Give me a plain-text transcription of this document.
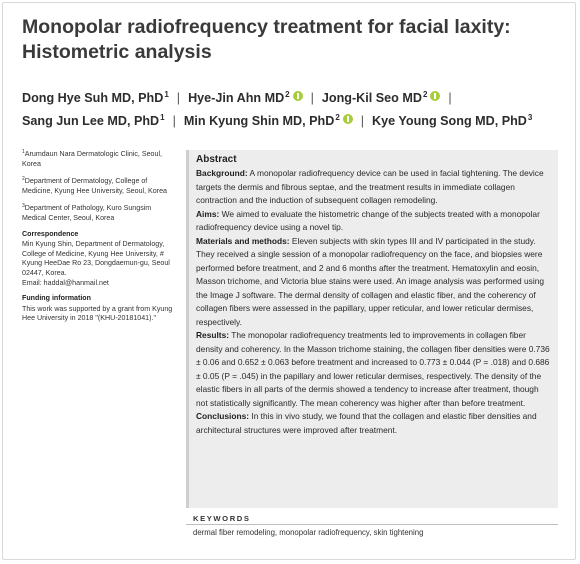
Monopolar radiofrequency treatment for facial laxity:
Histometric analysis
Dong Hye Suh MD, PhD$^1$ | Hye-Jin Ahn $MD^2$ | Jong-Kil Seo $MD^2$ |
Sang Jun Lee MD, PhD$^1$ | Min Kyung Shin MD, PhD$^2$ | Kye Young Song MD, PhD$^3$

$^1$Arumdaun Nara Dermatologic Clinic, Seoul, Korea

$^2$Department of Dermatology, College of Medicine, Kyung Hee University, Seoul, Korea

$^3$Department of Pathology, Kuro Sungsim Medical Center, Seoul, Korea

Correspondence
Min Kyung Shin, Department of Dermatology, College of Medicine, Kyung Hee University, # Kyung HeeDae Ro 23, Dongdaemun-gu, Seoul 02447, Korea.
Email: haddal@hanmail.net

Funding information
This work was supported by a grant from Kyung Hee University in 2018 "(KHU-20181041)."

Abstract

Background: A monopolar radiofrequency device can be used in facial tightening. The device targets the dermis and fibrous septae, and the treatment results in immediate collagen contraction and the induction of subsequent collagen remodeling.

Aims: We aimed to evaluate the histometric change of the subjects treated with a monopolar radiofrequency device using a novel tip.

Materials and methods: Eleven subjects with skin types III and IV participated in the study. They received a single session of a monopolar radiofrequency on the face, and biopsies were performed before treatment, and 2 and 6 months after the treatment. Hematoxylin and eosin, Masson trichome, and Victoria blue stains were used. An image analysis was performed using the Image J software. The dermal density of collagen and elastic fiber, and the coherency of collagen fibers were assessed in the papillary, upper reticular, and lower reticular dermises, respectively.

Results: The monopolar radiofrequency treatments led to improvements in collagen fiber density and coherency. In the Masson trichome staining, the collagen fiber densities were 0.736 ± 0.06 and 0.652 ± 0.063 before treatment and increased to 0.773 ± 0.044 (P = .018) and 0.686 ± 0.05 (P = .045) in the papillary and lower reticular dermises, respectively. The density of the elastic fibers in all parts of the dermis showed a tendency to increase after treatment, though not statistically significantly. The mean coherency was higher after than before treatment.

Conclusions: In this in vivo study, we found that the collagen and elastic fiber densities and architectural structures were improved after treatment.

KEYWORDS
dermal fiber remodeling, monopolar radiofrequency, skin tightening
